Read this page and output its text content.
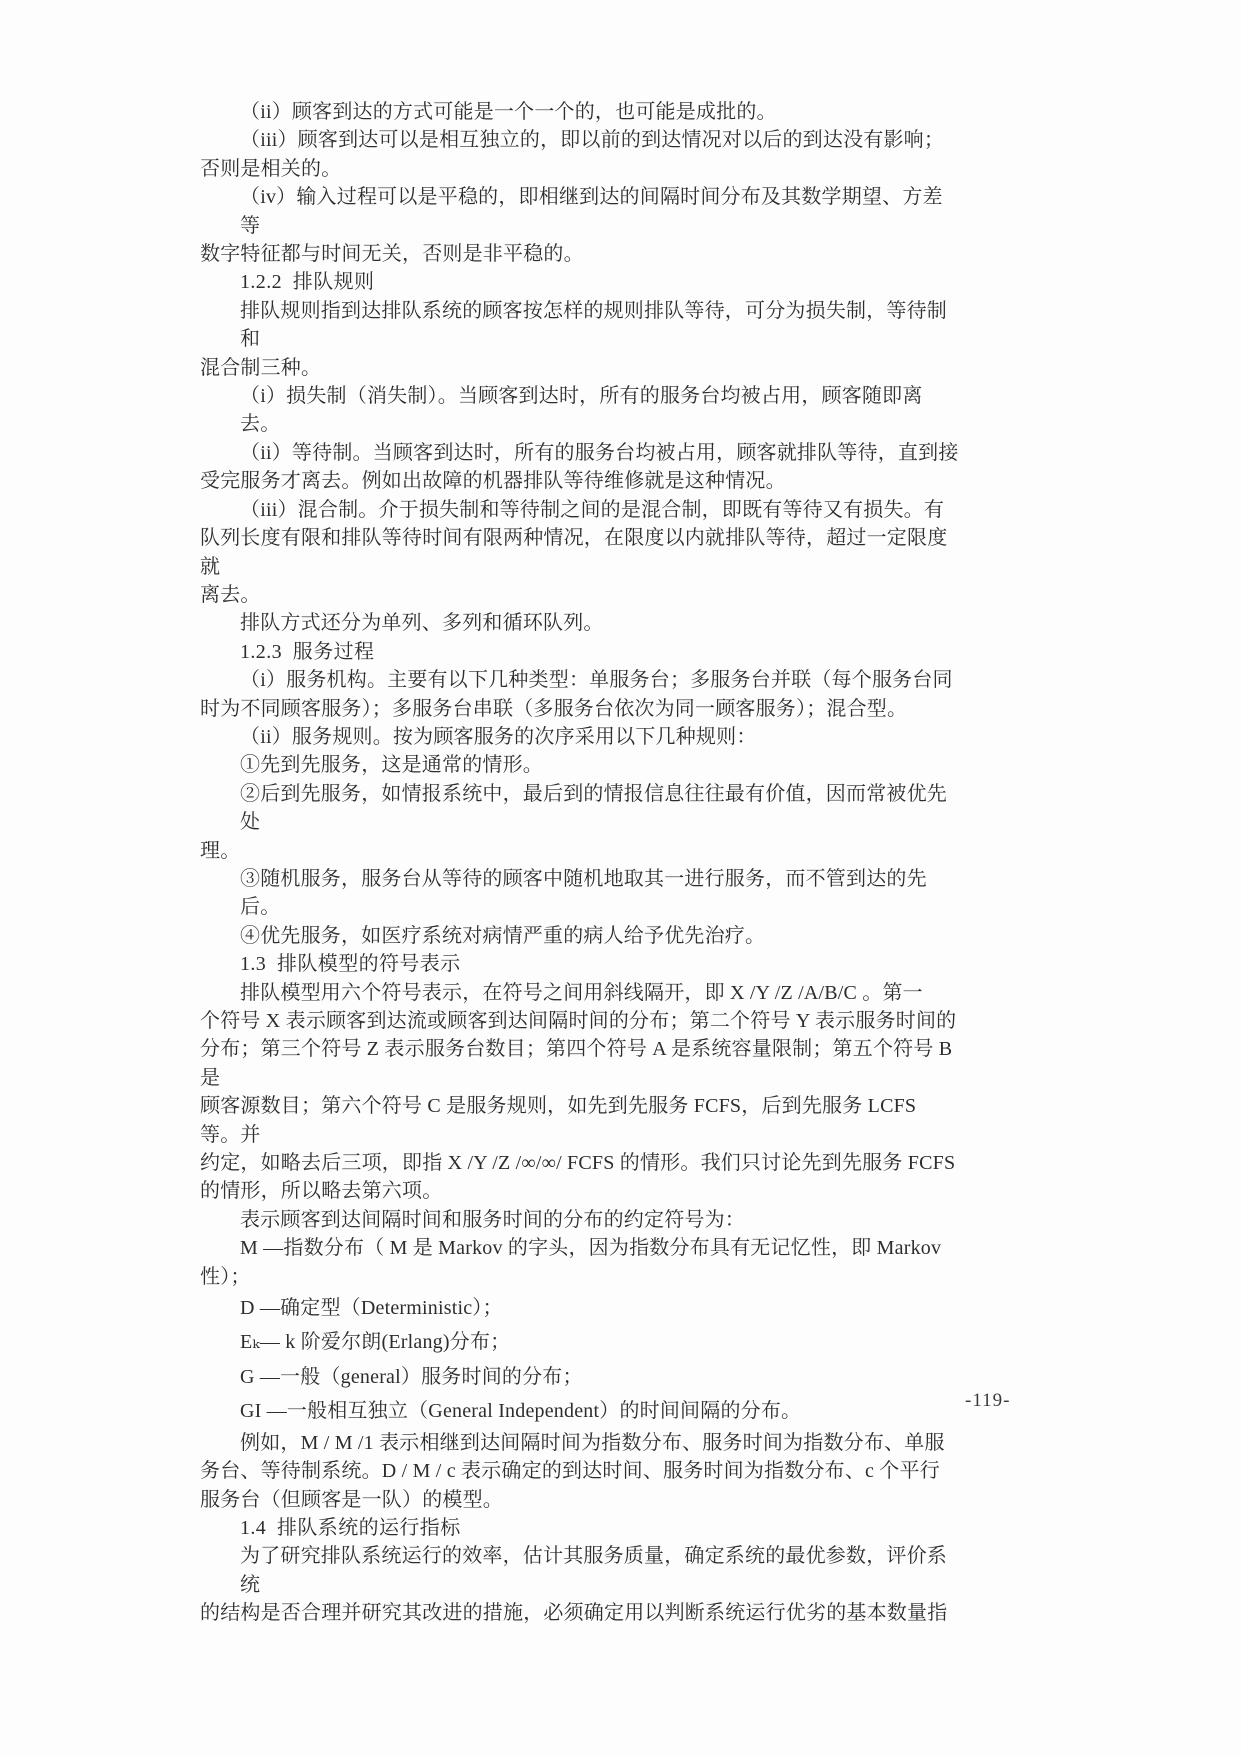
（ii）顾客到达的方式可能是一个一个的，也可能是成批的。
（iii）顾客到达可以是相互独立的，即以前的到达情况对以后的到达没有影响；
否则是相关的。
（iv）输入过程可以是平稳的，即相继到达的间隔时间分布及其数学期望、方差等
数字特征都与时间无关，否则是非平稳的。
1.2.2  排队规则
排队规则指到达排队系统的顾客按怎样的规则排队等待，可分为损失制，等待制和
混合制三种。
（i）损失制（消失制）。当顾客到达时，所有的服务台均被占用，顾客随即离去。
（ii）等待制。当顾客到达时，所有的服务台均被占用，顾客就排队等待，直到接
受完服务才离去。例如出故障的机器排队等待维修就是这种情况。
（iii）混合制。介于损失制和等待制之间的是混合制，即既有等待又有损失。有
队列长度有限和排队等待时间有限两种情况，在限度以内就排队等待，超过一定限度就
离去。
排队方式还分为单列、多列和循环队列。
1.2.3  服务过程
（i）服务机构。主要有以下几种类型：单服务台；多服务台并联（每个服务台同
时为不同顾客服务）；多服务台串联（多服务台依次为同一顾客服务）；混合型。
（ii）服务规则。按为顾客服务的次序采用以下几种规则：
①先到先服务，这是通常的情形。
②后到先服务，如情报系统中，最后到的情报信息往往最有价值，因而常被优先处
理。
③随机服务，服务台从等待的顾客中随机地取其一进行服务，而不管到达的先后。
④优先服务，如医疗系统对病情严重的病人给予优先治疗。
1.3  排队模型的符号表示
排队模型用六个符号表示，在符号之间用斜线隔开，即 X /Y /Z /A/B/C 。第一
个符号 X 表示顾客到达流或顾客到达间隔时间的分布；第二个符号 Y 表示服务时间的
分布；第三个符号 Z 表示服务台数目；第四个符号 A 是系统容量限制；第五个符号 B 是
顾客源数目；第六个符号 C 是服务规则，如先到先服务 FCFS，后到先服务 LCFS 等。并
约定，如略去后三项，即指 X /Y /Z /∞/∞/ FCFS 的情形。我们只讨论先到先服务 FCFS
的情形，所以略去第六项。
表示顾客到达间隔时间和服务时间的分布的约定符号为：
M —指数分布（ M 是 Markov 的字头，因为指数分布具有无记忆性，即 Markov
性）；
D —确定型（Deterministic）；
Eₖ— k 阶爱尔朗(Erlang)分布；
G —一般（general）服务时间的分布；
GI —一般相互独立（General Independent）的时间间隔的分布。
例如，M / M /1 表示相继到达间隔时间为指数分布、服务时间为指数分布、单服
务台、等待制系统。D / M / c 表示确定的到达时间、服务时间为指数分布、c 个平行
服务台（但顾客是一队）的模型。
1.4  排队系统的运行指标
为了研究排队系统运行的效率，估计其服务质量，确定系统的最优参数，评价系统
的结构是否合理并研究其改进的措施，必须确定用以判断系统运行优劣的基本数量指
-119-
